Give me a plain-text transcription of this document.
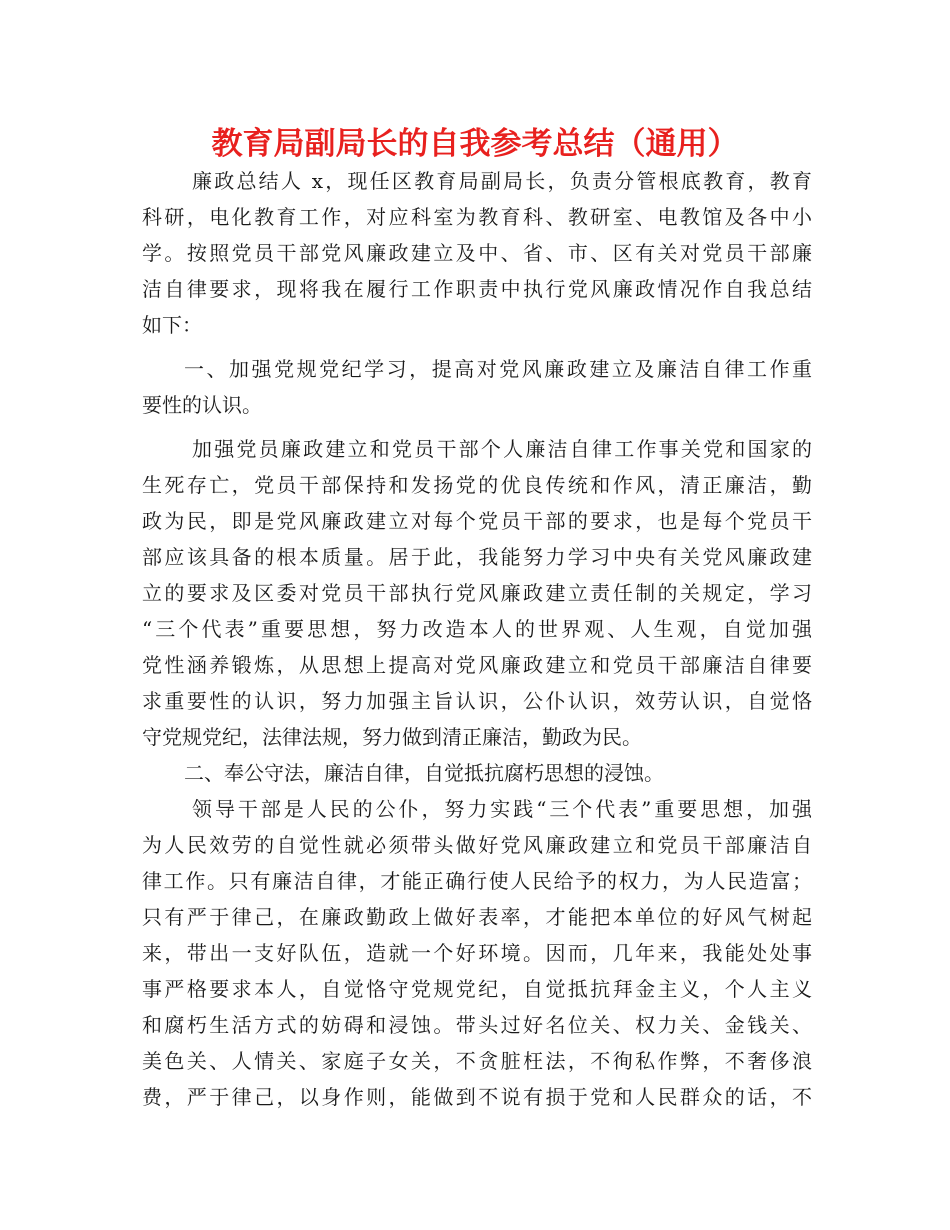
教育局副局长的自我参考总结（通用）
廉政总结人 x，现任区教育局副局长，负责分管根底教育，教育
科研，电化教育工作，对应科室为教育科、教研室、电教馆及各中小
学。按照党员干部党风廉政建立及中、省、市、区有关对党员干部廉
洁自律要求，现将我在履行工作职责中执行党风廉政情况作自我总结
如下：
一、加强党规党纪学习，提高对党风廉政建立及廉洁自律工作重
要性的认识。
加强党员廉政建立和党员干部个人廉洁自律工作事关党和国家的
生死存亡，党员干部保持和发扬党的优良传统和作风，清正廉洁，勤
政为民，即是党风廉政建立对每个党员干部的要求，也是每个党员干
部应该具备的根本质量。居于此，我能努力学习中央有关党风廉政建
立的要求及区委对党员干部执行党风廉政建立责任制的关规定，学习
“三个代表”重要思想，努力改造本人的世界观、人生观，自觉加强
党性涵养锻炼，从思想上提高对党风廉政建立和党员干部廉洁自律要
求重要性的认识，努力加强主旨认识，公仆认识，效劳认识，自觉恪
守党规党纪，法律法规，努力做到清正廉洁，勤政为民。
二、奉公守法，廉洁自律，自觉抵抗腐朽思想的浸蚀。
领导干部是人民的公仆，努力实践“三个代表”重要思想，加强
为人民效劳的自觉性就必须带头做好党风廉政建立和党员干部廉洁自
律工作。只有廉洁自律，才能正确行使人民给予的权力，为人民造富；
只有严于律己，在廉政勤政上做好表率，才能把本单位的好风气树起
来，带出一支好队伍，造就一个好环境。因而，几年来，我能处处事
事严格要求本人，自觉恪守党规党纪，自觉抵抗拜金主义，个人主义
和腐朽生活方式的妨碍和浸蚀。带头过好名位关、权力关、金钱关、
美色关、人情关、家庭子女关，不贪脏枉法，不徇私作弊，不奢侈浪
费，严于律己，以身作则，能做到不说有损于党和人民群众的话，不
